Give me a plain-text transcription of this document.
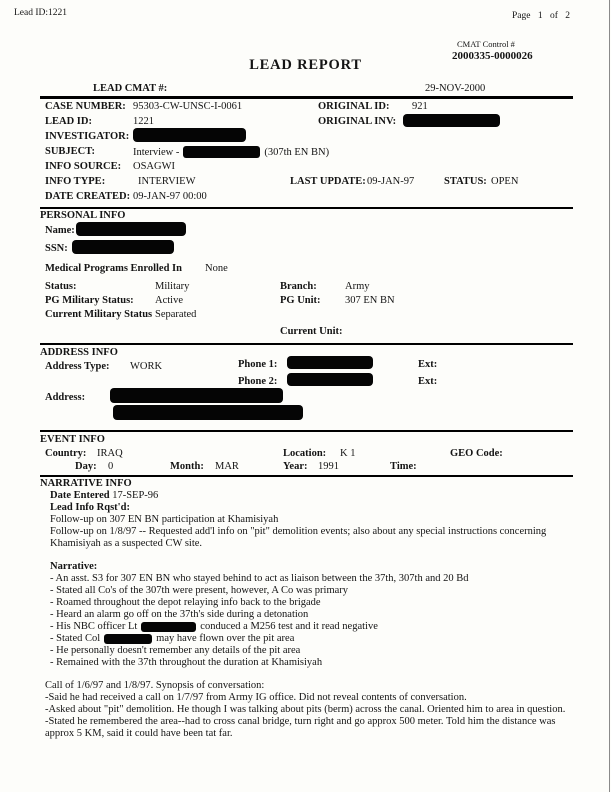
Lead ID:1221	Page 1 of 2
CMAT Control #
2000335-0000026
LEAD REPORT
LEAD CMAT #:	29-NOV-2000
CASE NUMBER: 95303-CW-UNSC-I-0061	ORIGINAL ID: 921
LEAD ID:	1221	ORIGINAL INV:
INVESTIGATOR:
SUBJECT:	Interview -	(307th EN BN)
INFO SOURCE: OSAGWI
INFO TYPE:	INTERVIEW	LAST UPDATE: 09-JAN-97	STATUS: OPEN
DATE CREATED: 09-JAN-97 00:00
PERSONAL INFO
Name:
SSN:
Medical Programs Enrolled In None
Status:	Military	Branch:	Army
PG Military Status: Active	PG Unit: 307 EN BN
Current Military Status Separated
Current Unit:
ADDRESS INFO
Address Type: WORK	Phone 1:	Ext:
Phone 2:	Ext:
Address:
EVENT INFO
Country: IRAQ	Location: K 1	GEO Code:
Day: 0	Month: MAR	Year: 1991	Time:
NARRATIVE INFO
Date Entered 17-SEP-96
Lead Info Rqst'd:
Follow-up on 307 EN BN participation at Khamisiyah
Follow-up on 1/8/97 -- Requested add'l info on "pit" demolition events; also about any special instructions concerning Khamisiyah as a suspected CW site.
Narrative:
- An asst. S3 for 307 EN BN who stayed behind to act as liaison between the 37th, 307th and 20 Bd
- Stated all Co's of the 307th were present, however, A Co was primary
- Roamed throughout the depot relaying info back to the brigade
- Heard an alarm go off on the 37th's side during a detonation
- His NBC officer Lt	conduced a M256 test and it read negative
- Stated Col	may have flown over the pit area
- He personally doesn't remember any details of the pit area
- Remained with the 37th throughout the duration at Khamisiyah
Call of 1/6/97 and 1/8/97. Synopsis of conversation:
-Said he had received a call on 1/7/97 from Army IG office. Did not reveal contents of conversation.
-Asked about "pit" demolition. He though I was talking about pits (berm) across the canal. Oriented him to area in question.
-Stated he remembered the area--had to cross canal bridge, turn right and go approx 500 meter. Told him the distance was approx 5 KM, said it could have been tat far.
